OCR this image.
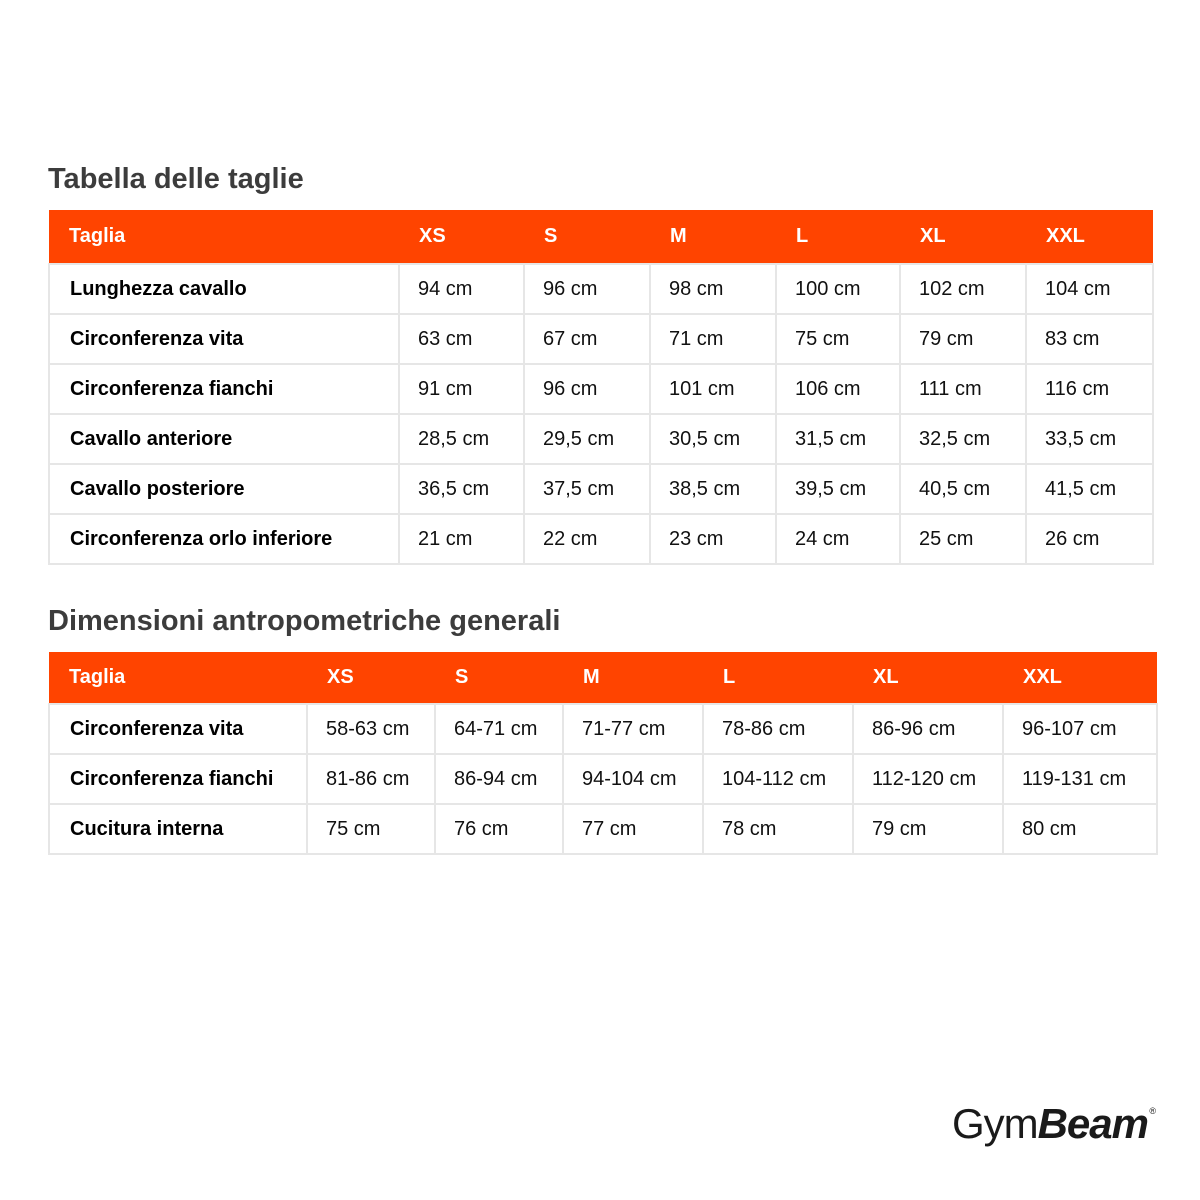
Tabella delle taglie
Taglia	XS	S	M	L	XL	XXL
Lunghezza cavallo	94 cm	96 cm	98 cm	100 cm	102 cm	104 cm
Circonferenza vita	63 cm	67 cm	71 cm	75 cm	79 cm	83 cm
Circonferenza fianchi	91 cm	96 cm	101 cm	106 cm	111 cm	116 cm
Cavallo anteriore	28,5 cm	29,5 cm	30,5 cm	31,5 cm	32,5 cm	33,5 cm
Cavallo posteriore	36,5 cm	37,5 cm	38,5 cm	39,5 cm	40,5 cm	41,5 cm
Circonferenza orlo inferiore	21 cm	22 cm	23 cm	24 cm	25 cm	26 cm
Dimensioni antropometriche generali
Taglia	XS	S	M	L	XL	XXL
Circonferenza vita	58-63 cm	64-71 cm	71-77 cm	78-86 cm	86-96 cm	96-107 cm
Circonferenza fianchi	81-86 cm	86-94 cm	94-104 cm	104-112 cm	112-120 cm	119-131 cm
Cucitura interna	75 cm	76 cm	77 cm	78 cm	79 cm	80 cm
GymBeam ®
